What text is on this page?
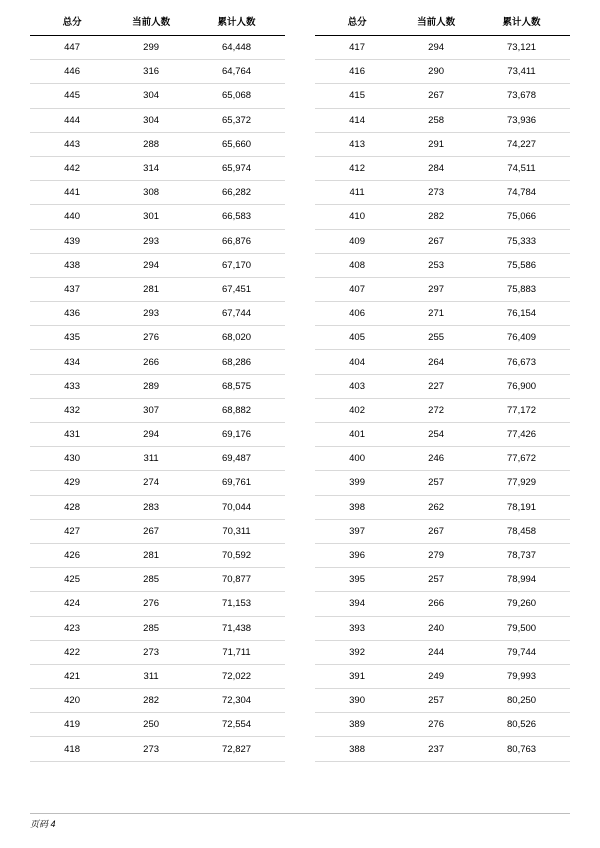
总分	当前人数	累计人数
447	299	64,448
446	316	64,764
445	304	65,068
444	304	65,372
443	288	65,660
442	314	65,974
441	308	66,282
440	301	66,583
439	293	66,876
438	294	67,170
437	281	67,451
436	293	67,744
435	276	68,020
434	266	68,286
433	289	68,575
432	307	68,882
431	294	69,176
430	311	69,487
429	274	69,761
428	283	70,044
427	267	70,311
426	281	70,592
425	285	70,877
424	276	71,153
423	285	71,438
422	273	71,711
421	311	72,022
420	282	72,304
419	250	72,554
418	273	72,827
总分	当前人数	累计人数
417	294	73,121
416	290	73,411
415	267	73,678
414	258	73,936
413	291	74,227
412	284	74,511
411	273	74,784
410	282	75,066
409	267	75,333
408	253	75,586
407	297	75,883
406	271	76,154
405	255	76,409
404	264	76,673
403	227	76,900
402	272	77,172
401	254	77,426
400	246	77,672
399	257	77,929
398	262	78,191
397	267	78,458
396	279	78,737
395	257	78,994
394	266	79,260
393	240	79,500
392	244	79,744
391	249	79,993
390	257	80,250
389	276	80,526
388	237	80,763
页码 4
